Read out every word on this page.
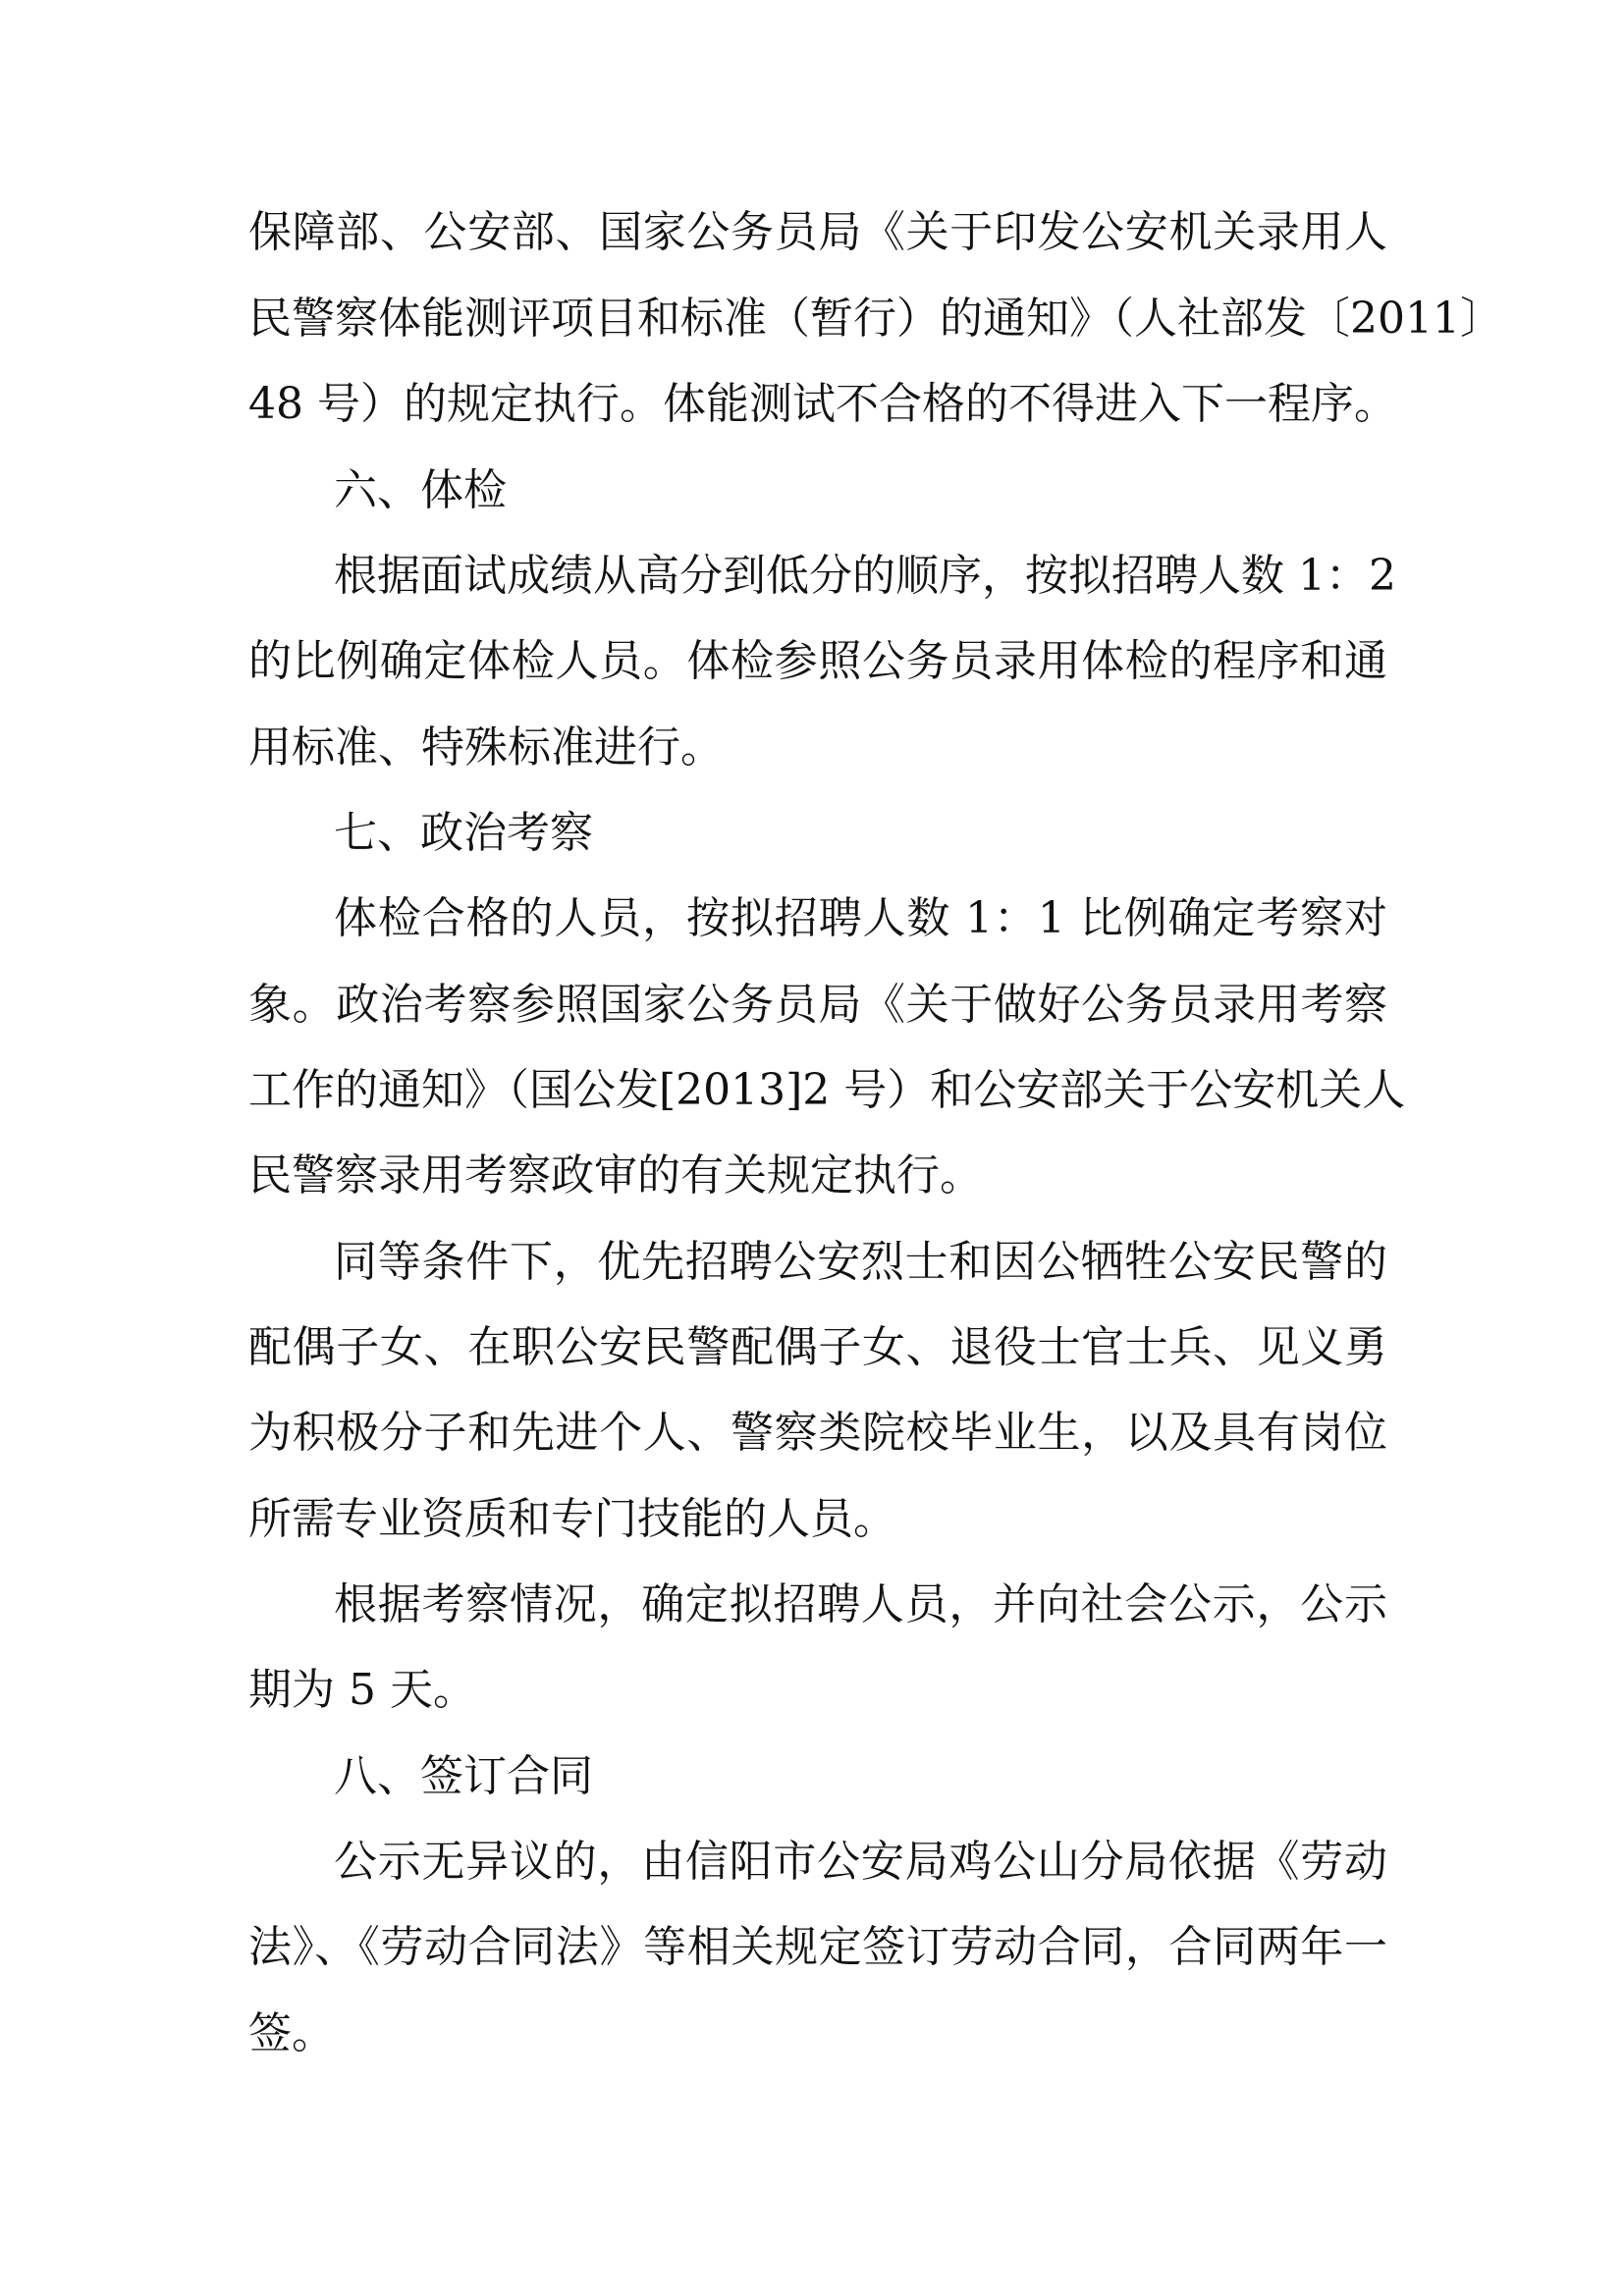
保障部、公安部、国家公务员局《关于印发公安机关录用人
民警察体能测评项目和标准（暂行）的通知》（人社部发〔2011〕
48 号）的规定执行。体能测试不合格的不得进入下一程序。
六、体检
根据面试成绩从高分到低分的顺序，按拟招聘人数 1：2
的比例确定体检人员。体检参照公务员录用体检的程序和通
用标准、特殊标准进行。
七、政治考察
体检合格的人员，按拟招聘人数 1：1 比例确定考察对
象。政治考察参照国家公务员局《关于做好公务员录用考察
工作的通知》（国公发[2013]2 号）和公安部关于公安机关人
民警察录用考察政审的有关规定执行。
同等条件下，优先招聘公安烈士和因公牺牲公安民警的
配偶子女、在职公安民警配偶子女、退役士官士兵、见义勇
为积极分子和先进个人、警察类院校毕业生，以及具有岗位
所需专业资质和专门技能的人员。
根据考察情况，确定拟招聘人员，并向社会公示，公示
期为 5 天。
八、签订合同
公示无异议的，由信阳市公安局鸡公山分局依据《劳动
法》、《劳动合同法》等相关规定签订劳动合同，合同两年一
签。
